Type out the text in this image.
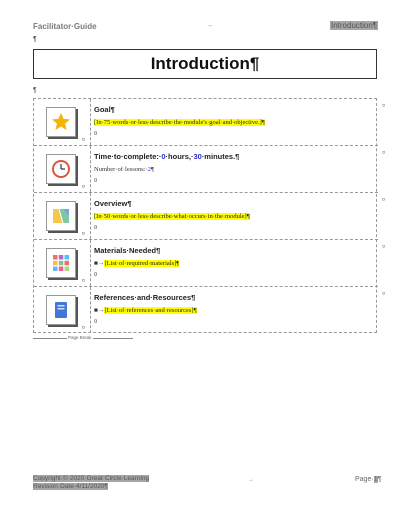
Facilitator·Guide	→	Introduction¶
¶
Introduction¶
¶
¤
Goal¶
[In·75·words·or·less·describe·the·module's·goal·and·objective.]¶
¤
¤
¤
Time·to·complete:·0·hours,·30·minutes.¶
Number·of·lessons:·2¶
¤
¤
¤
Overview¶
[In·50·words·or·less·describe·what·occurs·in·the·module]¶
¤
¤
¤
Materials·Needed¶
■→[List·of·required·materials]¶
¤
¤
¤
References·and·Resources¶
■→[List·of·references·and·resources]¶
¤
¤
Page Break
Copyright·©·2020·Great·Circle·Learning
Revision·Date·4/11/2020¶
→	Page·1¶
